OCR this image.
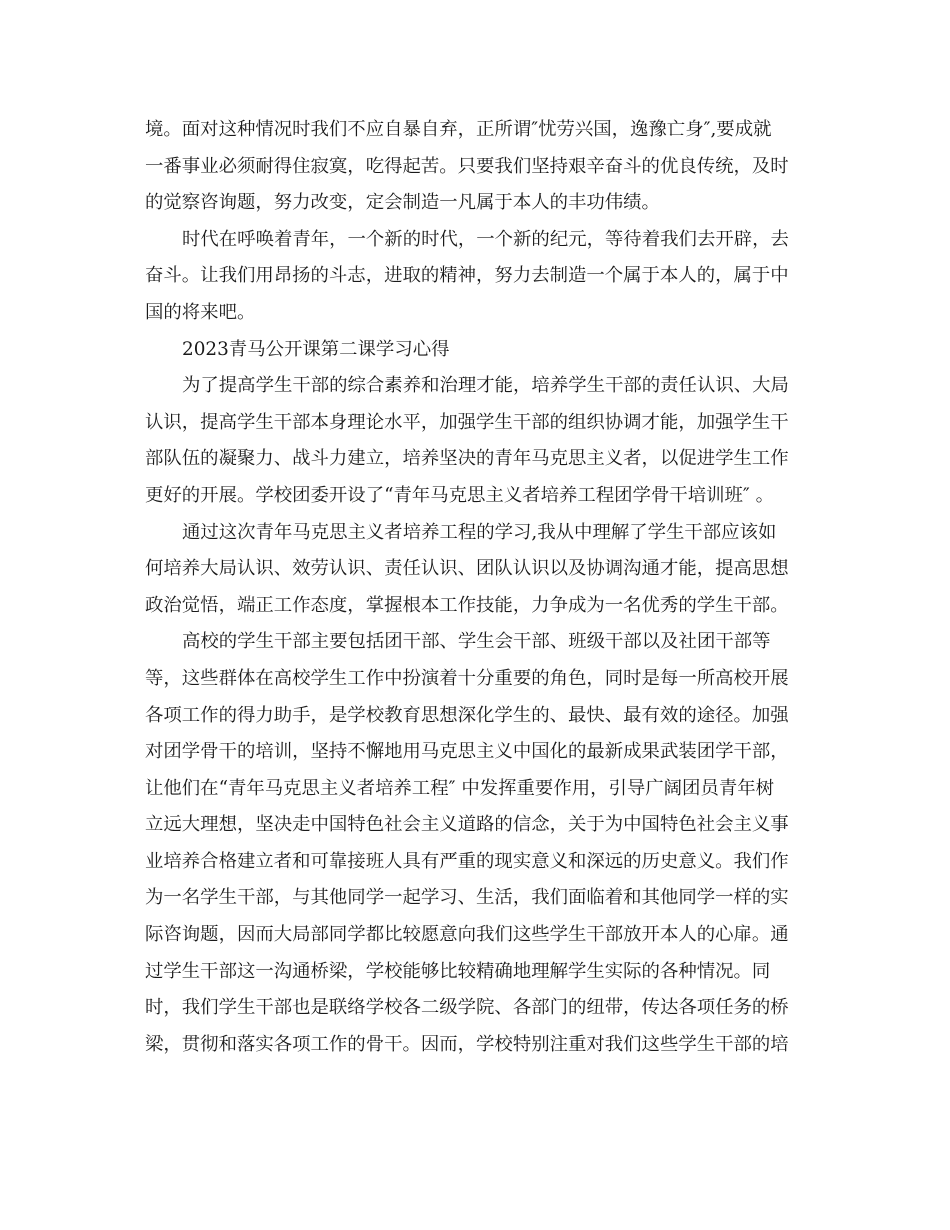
境。面对这种情况时我们不应自暴自弃，正所谓″忧劳兴国，逸豫亡身″,要成就
一番事业必须耐得住寂寞，吃得起苦。只要我们坚持艰辛奋斗的优良传统，及时
的觉察咨询题，努力改变，定会制造一凡属于本人的丰功伟绩。
时代在呼唤着青年，一个新的时代，一个新的纪元，等待着我们去开辟，去
奋斗。让我们用昂扬的斗志，进取的精神，努力去制造一个属于本人的，属于中
国的将来吧。
2023青马公开课第二课学习心得
为了提高学生干部的综合素养和治理才能，培养学生干部的责任认识、大局
认识，提高学生干部本身理论水平，加强学生干部的组织协调才能，加强学生干
部队伍的凝聚力、战斗力建立，培养坚决的青年马克思主义者，以促进学生工作
更好的开展。学校团委开设了“青年马克思主义者培养工程团学骨干培训班″ 。
通过这次青年马克思主义者培养工程的学习,我从中理解了学生干部应该如
何培养大局认识、效劳认识、责任认识、团队认识以及协调沟通才能，提高思想
政治觉悟，端正工作态度，掌握根本工作技能，力争成为一名优秀的学生干部。
高校的学生干部主要包括团干部、学生会干部、班级干部以及社团干部等
等，这些群体在高校学生工作中扮演着十分重要的角色，同时是每一所高校开展
各项工作的得力助手，是学校教育思想深化学生的、最快、最有效的途径。加强
对团学骨干的培训，坚持不懈地用马克思主义中国化的最新成果武装团学干部，
让他们在“青年马克思主义者培养工程″ 中发挥重要作用，引导广阔团员青年树
立远大理想，坚决走中国特色社会主义道路的信念，关于为中国特色社会主义事
业培养合格建立者和可靠接班人具有严重的现实意义和深远的历史意义。我们作
为一名学生干部，与其他同学一起学习、生活，我们面临着和其他同学一样的实
际咨询题，因而大局部同学都比较愿意向我们这些学生干部放开本人的心扉。通
过学生干部这一沟通桥梁，学校能够比较精确地理解学生实际的各种情况。同
时，我们学生干部也是联络学校各二级学院、各部门的纽带，传达各项任务的桥
梁，贯彻和落实各项工作的骨干。因而，学校特别注重对我们这些学生干部的培
